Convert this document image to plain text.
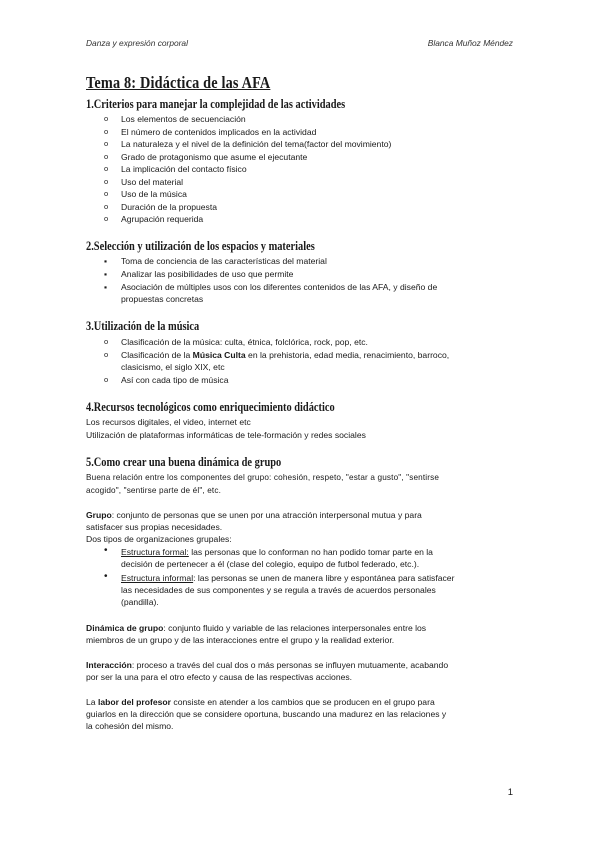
Danza y expresión corporal	Blanca Muñoz Méndez
Tema 8: Didáctica de las AFA
1.Criterios para manejar la complejidad de las actividades
o Los elementos de secuenciación
o El número de contenidos implicados en la actividad
o La naturaleza y el nivel de la definición del tema(factor del movimiento)
o Grado de protagonismo que asume el ejecutante
o La implicación del contacto físico
o Uso del material
o Uso de la música
o Duración de la propuesta
o Agrupación requerida
2.Selección y utilización de los espacios y materiales
▪ Toma de conciencia de las características del material
▪ Analizar las posibilidades de uso que permite
▪ Asociación de múltiples usos con los diferentes contenidos de las AFA, y diseño de
propuestas concretas
3.Utilización de la música
o Clasificación de la música: culta, étnica, folclórica, rock, pop, etc.
o Clasificación de la Música Culta en la prehistoria, edad media, renacimiento, barroco,
clasicismo, el siglo XIX, etc
o Así con cada tipo de música
4.Recursos tecnológicos como enriquecimiento didáctico
Los recursos digitales, el video, internet etc
Utilización de plataformas informáticas de tele-formación y redes sociales
5.Como crear una buena dinámica de grupo
Buena relación entre los componentes del grupo: cohesión, respeto, "estar a gusto", "sentirse
acogido", "sentirse parte de él", etc.
Grupo: conjunto de personas que se unen por una atracción interpersonal mutua y para
satisfacer sus propias necesidades.
Dos tipos de organizaciones grupales:
• Estructura formal: las personas que lo conforman no han podido tomar parte en la
decisión de pertenecer a él (clase del colegio, equipo de futbol federado, etc.).
• Estructura informal: las personas se unen de manera libre y espontánea para satisfacer
las necesidades de sus componentes y se regula a través de acuerdos personales
(pandilla).
Dinámica de grupo: conjunto fluido y variable de las relaciones interpersonales entre los
miembros de un grupo y de las interacciones entre el grupo y la realidad exterior.
Interacción: proceso a través del cual dos o más personas se influyen mutuamente, acabando
por ser la una para el otro efecto y causa de las respectivas acciones.
La labor del profesor consiste en atender a los cambios que se producen en el grupo para
guiarlos en la dirección que se considere oportuna, buscando una madurez en las relaciones y
la cohesión del mismo.
1
